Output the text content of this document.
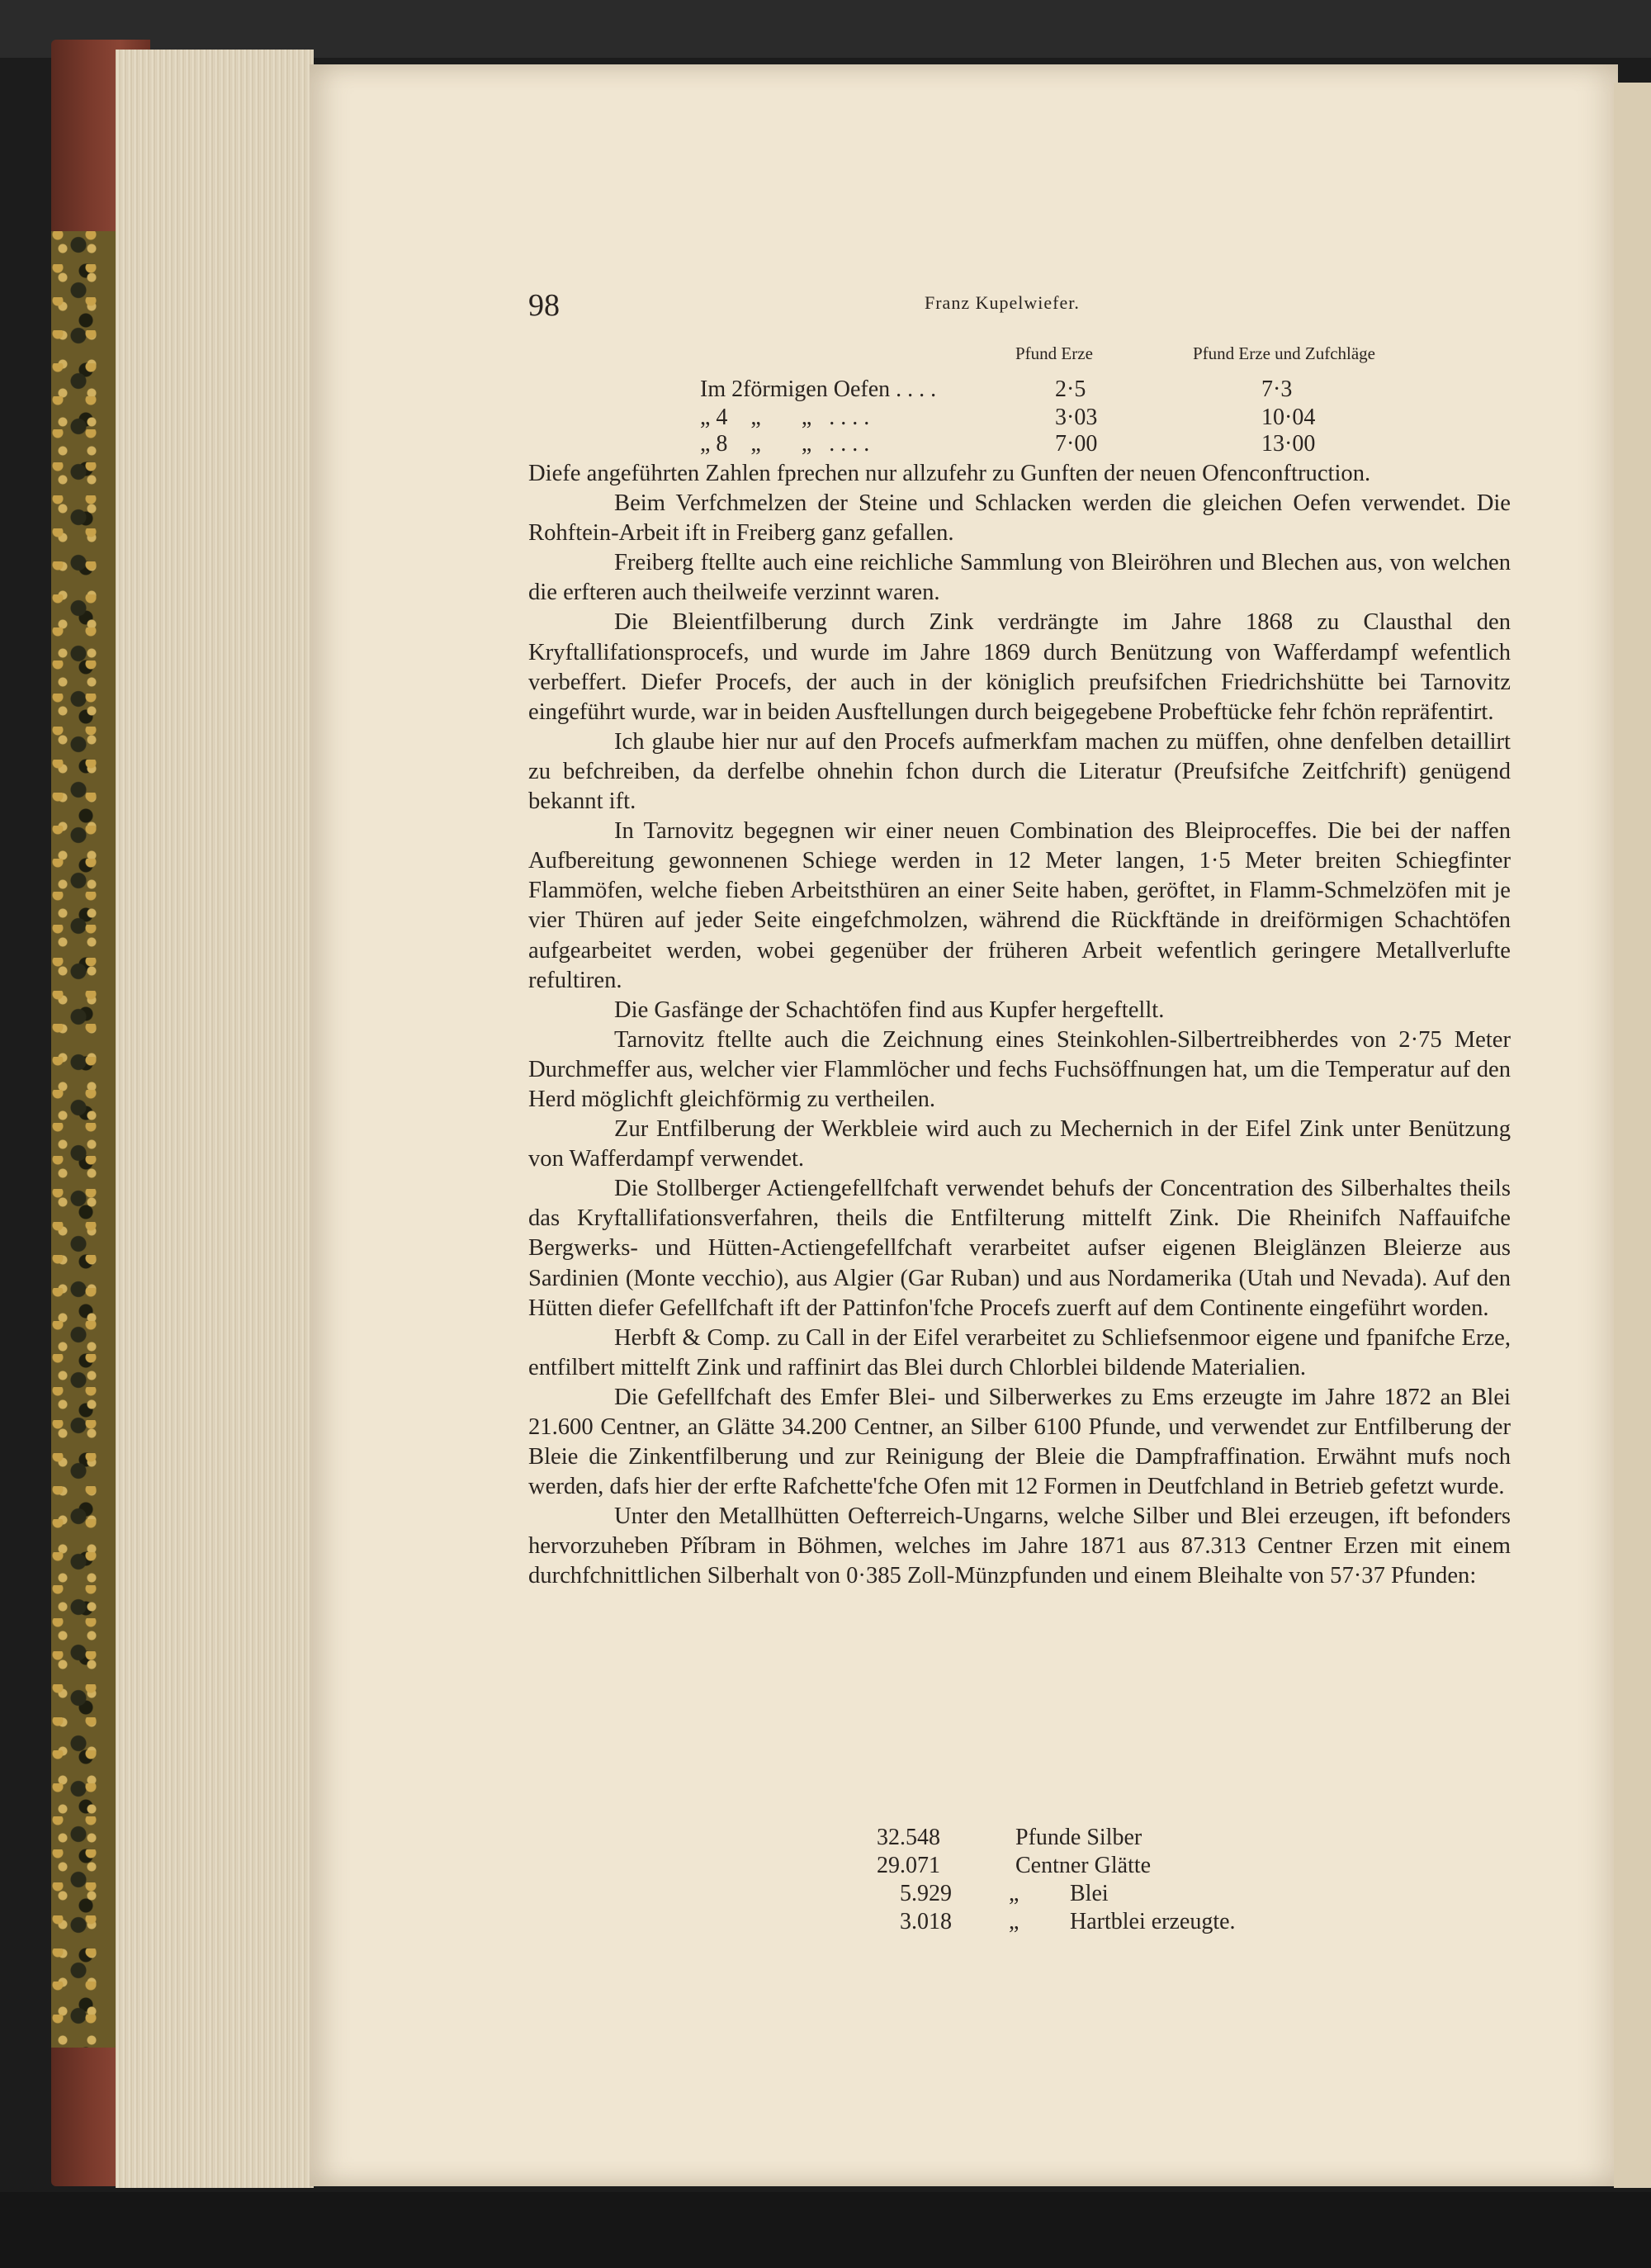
98	Franz Kupelwiefer.
Pfund Erze	Pfund Erze und Zufchläge
Im 2förmigen Oefen . . . .	2·5	7·3
„ 4    „       „   . . . .	3·03	10·04
„ 8    „       „   . . . .	7·00	13·00

Diefe angeführten Zahlen fprechen nur allzufehr zu Gunften der neuen Ofenconftruction.

Beim Verfchmelzen der Steine und Schlacken werden die gleichen Oefen verwendet. Die Rohftein-Arbeit ift in Freiberg ganz gefallen.

Freiberg ftellte auch eine reichliche Sammlung von Bleiröhren und Blechen aus, von welchen die erfteren auch theilweife verzinnt waren.

Die Bleientfilberung durch Zink verdrängte im Jahre 1868 zu Clausthal den Kryftallifationsprocefs, und wurde im Jahre 1869 durch Benützung von Wafferdampf wefentlich verbeffert. Diefer Procefs, der auch in der königlich preufsifchen Friedrichshütte bei Tarnovitz eingeführt wurde, war in beiden Ausftellungen durch beigegebene Probeftücke fehr fchön repräfentirt.

Ich glaube hier nur auf den Procefs aufmerkfam machen zu müffen, ohne denfelben detaillirt zu befchreiben, da derfelbe ohnehin fchon durch die Literatur (Preufsifche Zeitfchrift) genügend bekannt ift.

In Tarnovitz begegnen wir einer neuen Combination des Bleiproceffes. Die bei der naffen Aufbereitung gewonnenen Schiege werden in 12 Meter langen, 1·5 Meter breiten Schiegfinter Flammöfen, welche fieben Arbeitsthüren an einer Seite haben, geröftet, in Flamm-Schmelzöfen mit je vier Thüren auf jeder Seite eingefchmolzen, während die Rückftände in dreiförmigen Schachtöfen aufgearbeitet werden, wobei gegenüber der früheren Arbeit wefentlich geringere Metallverlufte refultiren.

Die Gasfänge der Schachtöfen find aus Kupfer hergeftellt.

Tarnovitz ftellte auch die Zeichnung eines Steinkohlen-Silbertreibherdes von 2·75 Meter Durchmeffer aus, welcher vier Flammlöcher und fechs Fuchsöffnungen hat, um die Temperatur auf den Herd möglichft gleichförmig zu vertheilen.

Zur Entfilberung der Werkbleie wird auch zu Mechernich in der Eifel Zink unter Benützung von Wafferdampf verwendet.

Die Stollberger Actiengefellfchaft verwendet behufs der Concentration des Silberhaltes theils das Kryftallifationsverfahren, theils die Entfilterung mittelft Zink. Die Rheinifch Naffauifche Bergwerks- und Hütten-Actiengefellfchaft verarbeitet aufser eigenen Bleiglänzen Bleierze aus Sardinien (Monte vecchio), aus Algier (Gar Ruban) und aus Nordamerika (Utah und Nevada). Auf den Hütten diefer Gefellfchaft ift der Pattinfon'fche Procefs zuerft auf dem Continente eingeführt worden.

Herbft & Comp. zu Call in der Eifel verarbeitet zu Schliefsenmoor eigene und fpanifche Erze, entfilbert mittelft Zink und raffinirt das Blei durch Chlorblei bildende Materialien.

Die Gefellfchaft des Emfer Blei- und Silberwerkes zu Ems erzeugte im Jahre 1872 an Blei 21.600 Centner, an Glätte 34.200 Centner, an Silber 6100 Pfunde, und verwendet zur Entfilberung der Bleie die Zinkentfilberung und zur Reinigung der Bleie die Dampfraffination. Erwähnt mufs noch werden, dafs hier der erfte Rafchette'fche Ofen mit 12 Formen in Deutfchland in Betrieb gefetzt wurde.

Unter den Metallhütten Oefterreich-Ungarns, welche Silber und Blei erzeugen, ift befonders hervorzuheben Příbram in Böhmen, welches im Jahre 1871 aus 87.313 Centner Erzen mit einem durchfchnittlichen Silberhalt von 0·385 Zoll-Münzpfunden und einem Bleihalte von 57·37 Pfunden:

32.548	Pfunde Silber
29.071	Centner Glätte
5.929 „ Blei
3.018 „ Hartblei erzeugte.
